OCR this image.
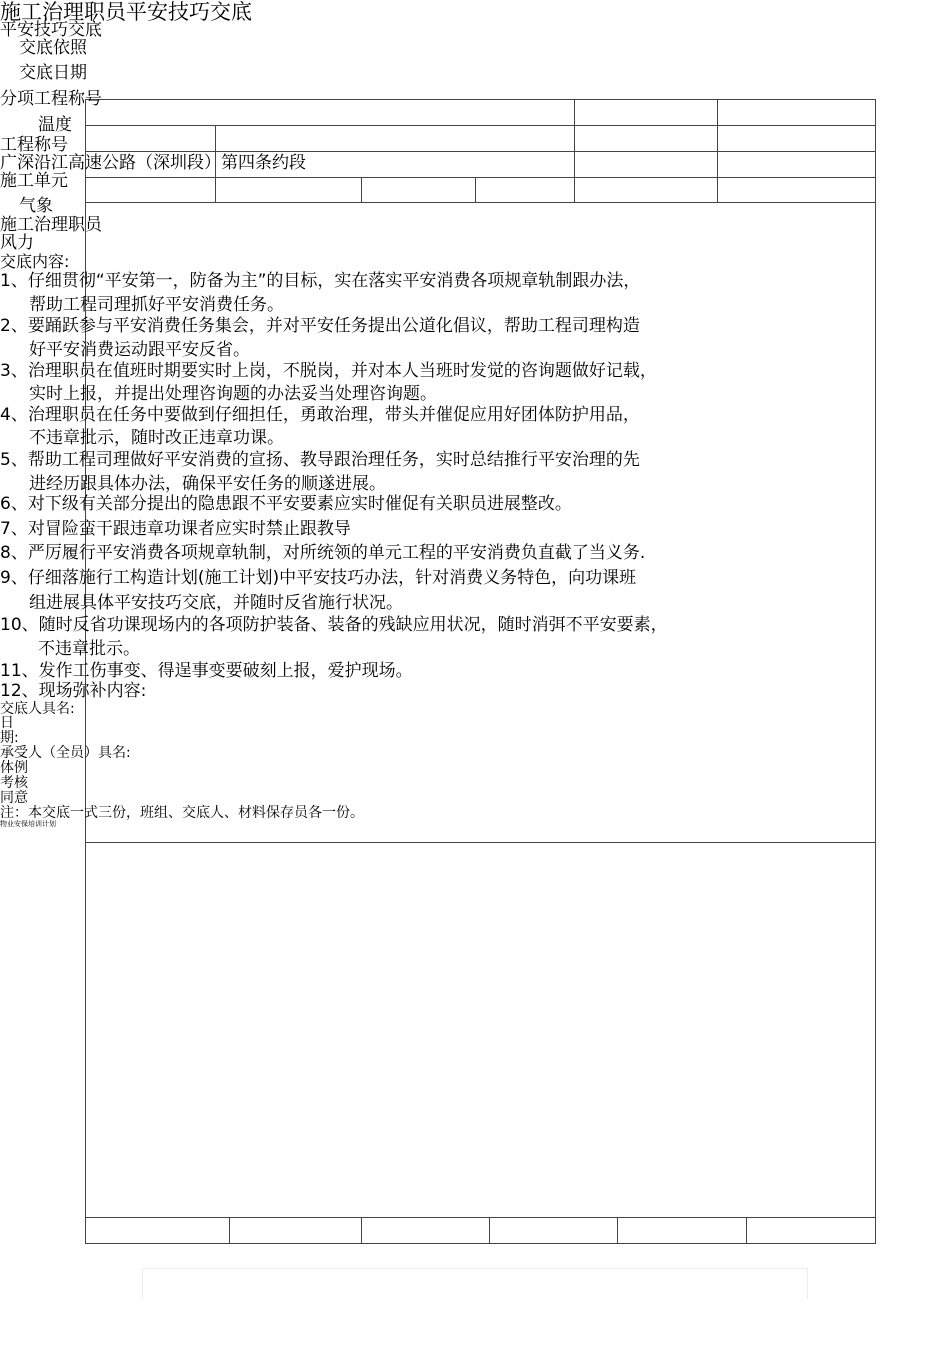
施工治理职员平安技巧交底
平安技巧交底
交底依照
交底日期
分项工程称号
温度
工程称号
广深沿江高速公路（深圳段）第四条约段
施工单元
气象
施工治理职员
风力
交底内容:
1、仔细贯彻“平安第一，防备为主”的目标，实在落实平安消费各项规章轨制跟办法，
帮助工程司理抓好平安消费任务。
2、要踊跃参与平安消费任务集会，并对平安任务提出公道化倡议，帮助工程司理构造
好平安消费运动跟平安反省。
3、治理职员在值班时期要实时上岗，不脱岗，并对本人当班时发觉的咨询题做好记载，
实时上报，并提出处理咨询题的办法妥当处理咨询题。
4、治理职员在任务中要做到仔细担任，勇敢治理，带头并催促应用好团体防护用品，
不违章批示，随时改正违章功课。
5、帮助工程司理做好平安消费的宣扬、教导跟治理任务，实时总结推行平安治理的先
进经历跟具体办法，确保平安任务的顺遂进展。
6、对下级有关部分提出的隐患跟不平安要素应实时催促有关职员进展整改。
7、对冒险蛮干跟违章功课者应实时禁止跟教导
8、严厉履行平安消费各项规章轨制，对所统领的单元工程的平安消费负直截了当义务.
9、仔细落施行工构造计划(施工计划)中平安技巧办法，针对消费义务特色，向功课班
组进展具体平安技巧交底，并随时反省施行状况。
10、随时反省功课现场内的各项防护装备、装备的残缺应用状况，随时消弭不平安要素，
不违章批示。
11、发作工伤事变、得逞事变要破刻上报，爱护现场。
12、现场弥补内容:
交底人具名:
日
期:
承受人（全员）具名:
体例
考核
同意
注：本交底一式三份，班组、交底人、材料保存员各一份。
物业安保培训计划
